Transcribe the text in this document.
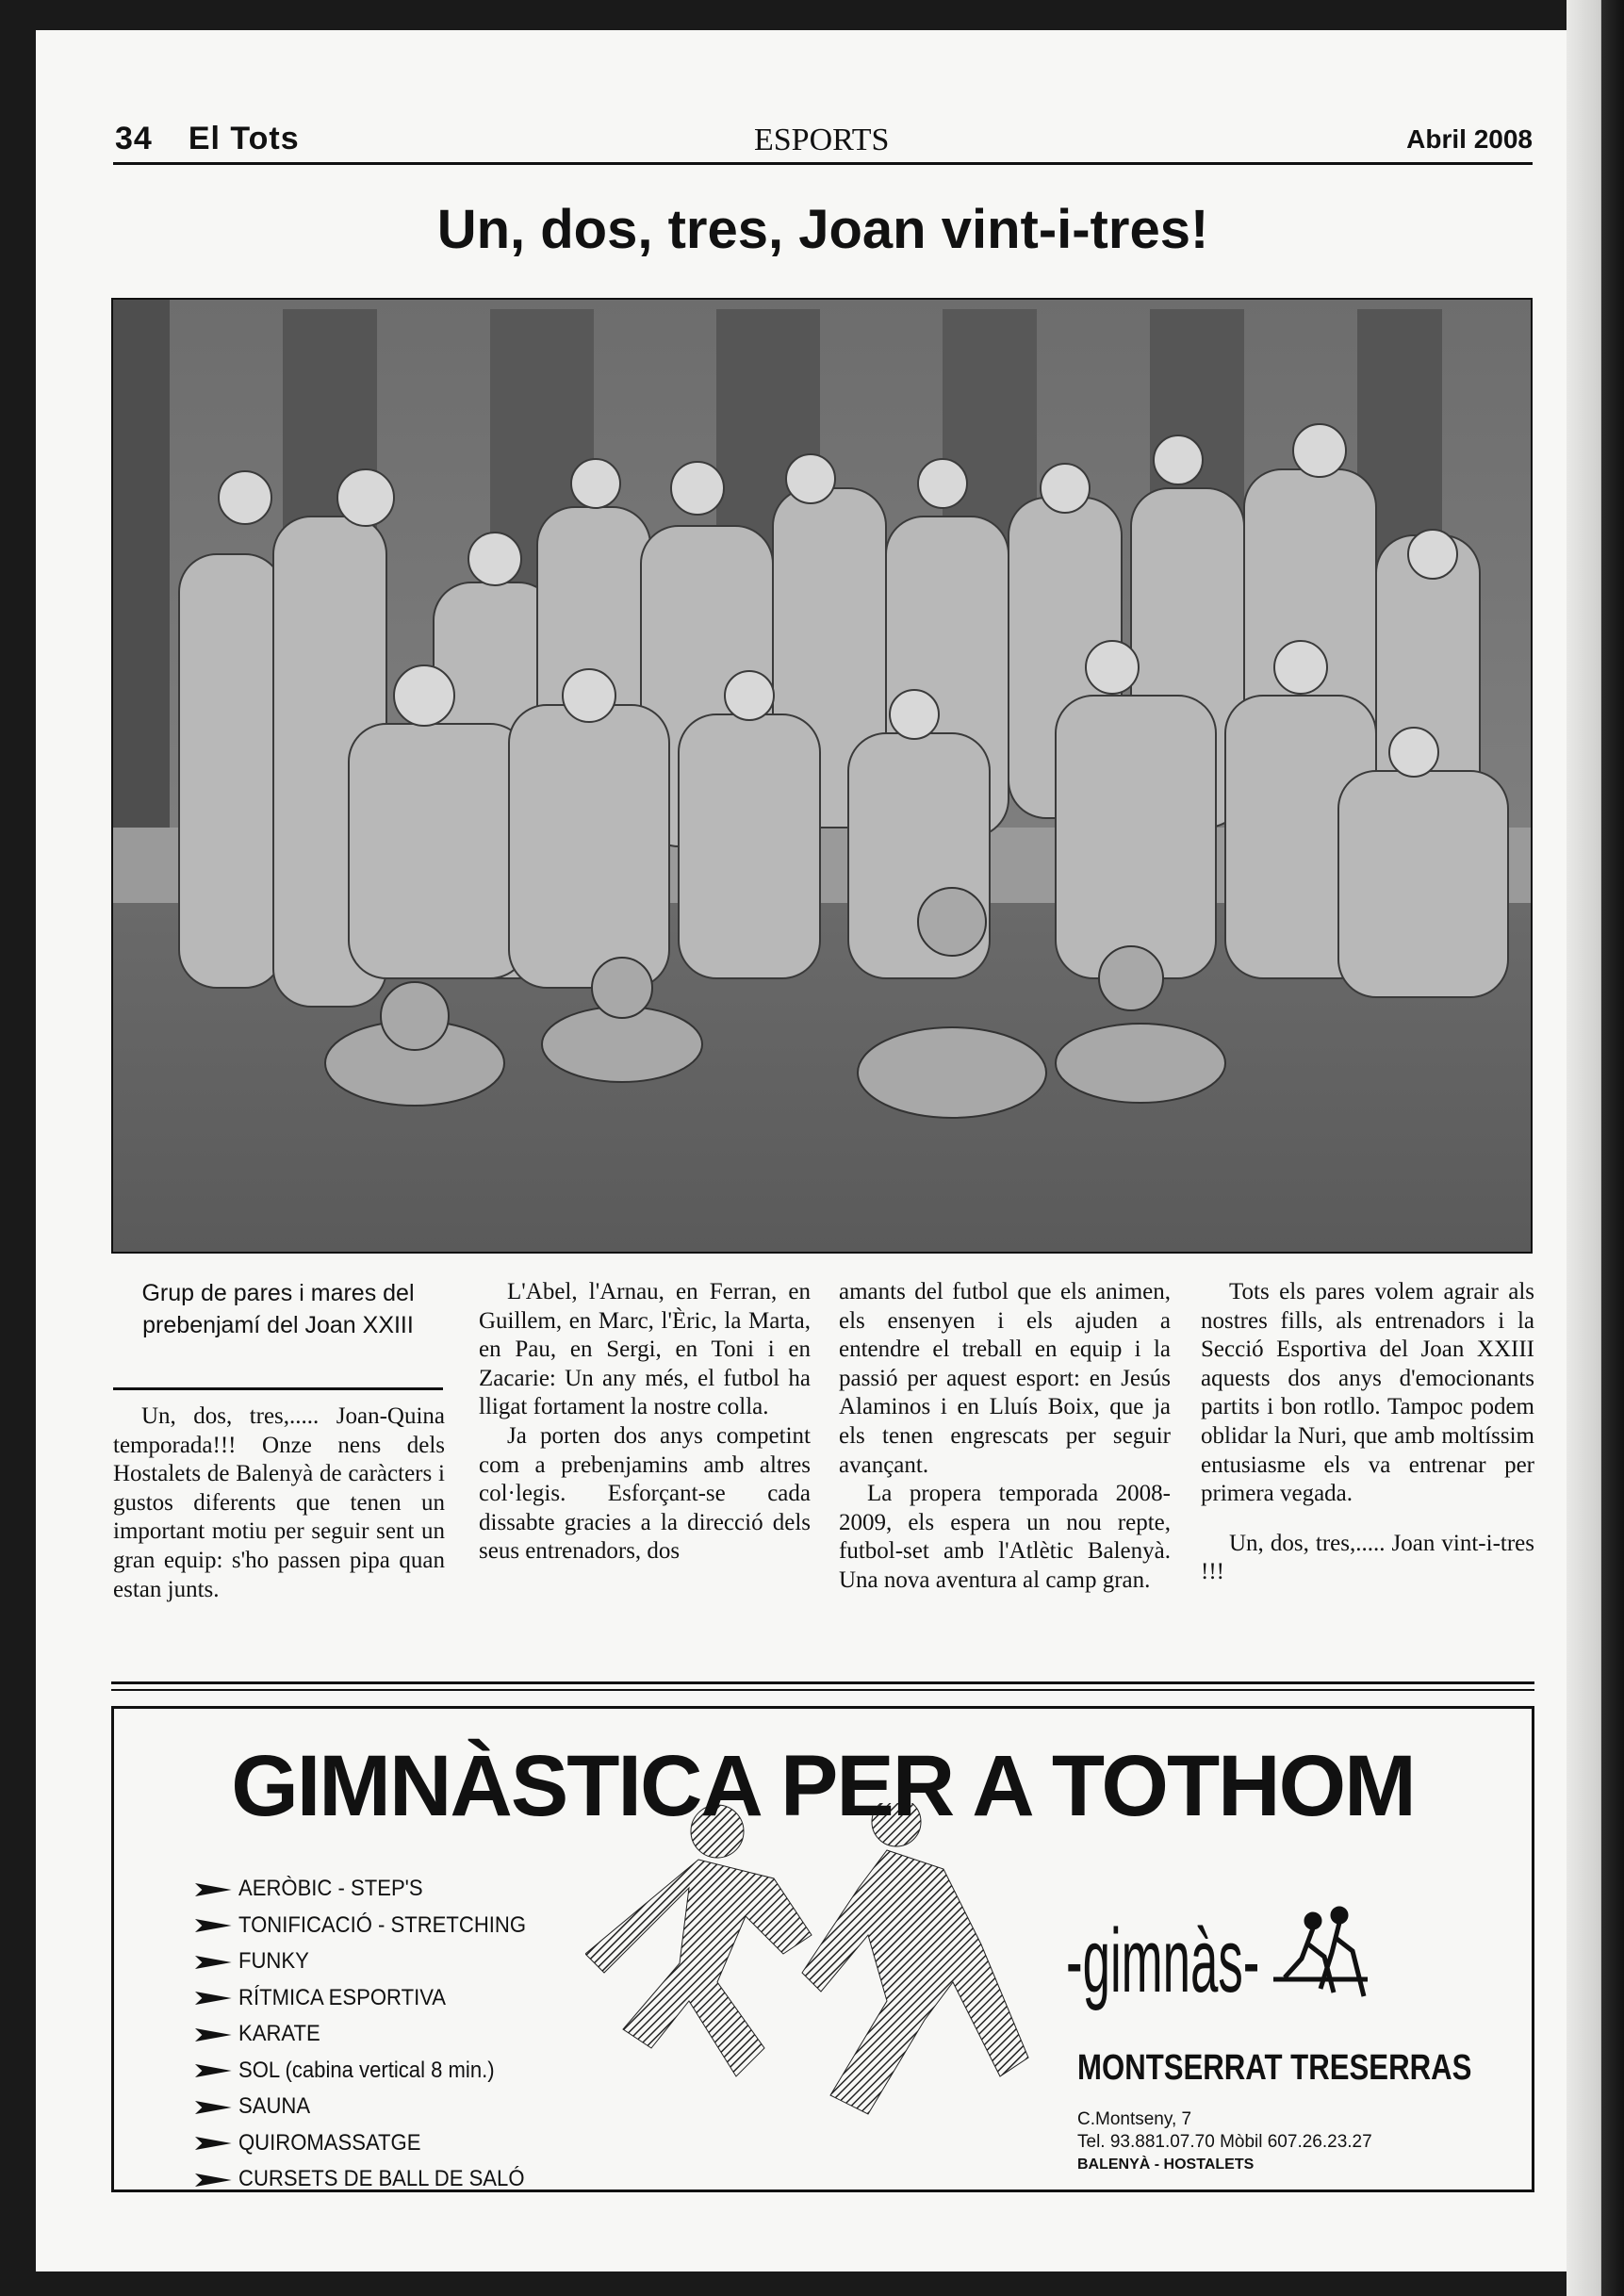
34 El Tots	ESPORTS	Abril 2008
Un, dos, tres, Joan vint-i-tres!
Grup de pares i mares del prebenjamí del Joan XXIII

Un, dos, tres,..... Joan-Quina temporada!!! Onze nens dels Hostalets de Balenyà de caràcters i gustos diferents que tenen un important motiu per seguir sent un gran equip: s'ho passen pipa quan estan junts.

L'Abel, l'Arnau, en Ferran, en Guillem, en Marc, l'Èric, la Marta, en Pau, en Sergi, en Toni i en Zacarie: Un any més, el futbol ha lligat fortament la nostre colla.

Ja porten dos anys competint com a prebenjamins amb altres col·legis. Esforçant-se cada dissabte gracies a la direcció dels seus entrenadors, dos

amants del futbol que els animen, els ensenyen i els ajuden a entendre el treball en equip i la passió per aquest esport: en Jesús Alaminos i en Lluís Boix, que ja els tenen engrescats per seguir avançant.

La propera temporada 2008-2009, els espera un nou repte, futbol-set amb l'Atlètic Balenyà. Una nova aventura al camp gran.

Tots els pares volem agrair als nostres fills, als entrenadors i la Secció Esportiva del Joan XXIII aquests dos anys d'emocionants partits i bon rotllo. Tampoc podem oblidar la Nuri, que amb moltíssim entusiasme els va entrenar per primera vegada.

Un, dos, tres,..... Joan vint-i-tres !!!

GIMNÀSTICA PER A TOTHOM
AERÒBIC - STEP'S
TONIFICACIÓ - STRETCHING
FUNKY
RÍTMICA ESPORTIVA
KARATE
SOL (cabina vertical 8 min.)
SAUNA
QUIROMASSATGE
CURSETS DE BALL DE SALÓ
-gimnàs-
MONTSERRAT TRESERRAS
C.Montseny, 7
Tel. 93.881.07.70 Mòbil 607.26.23.27
BALENYÀ - HOSTALETS
